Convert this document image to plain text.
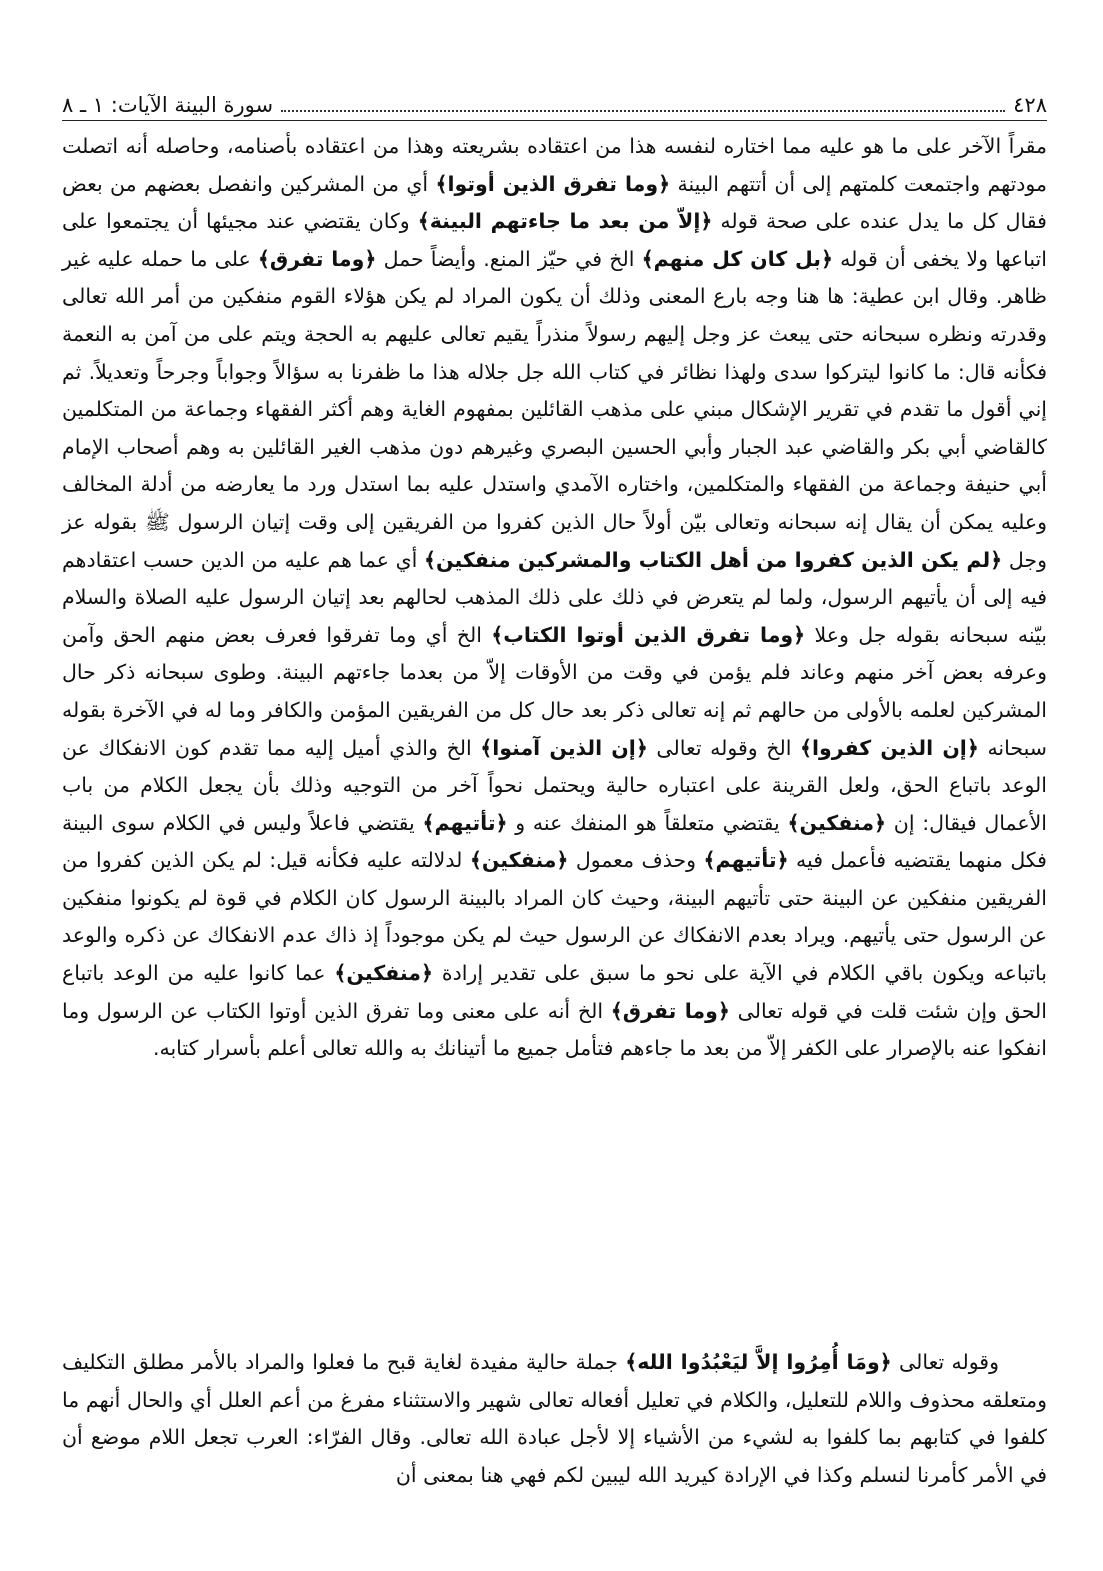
٤٢٨
سورة البينة الآيات: ١ ـ ٨

مقراً الآخر على ما هو عليه مما اختاره لنفسه هذا من اعتقاده بشريعته وهذا من اعتقاده بأصنامه، وحاصله أنه اتصلت مودتهم واجتمعت كلمتهم إلى أن أتتهم البينة ﴿وما تفرق الذين أوتوا﴾ أي من المشركين وانفصل بعضهم من بعض فقال كل ما يدل عنده على صحة قوله ﴿إلاّ من بعد ما جاءتهم البينة﴾ وكان يقتضي عند مجيئها أن يجتمعوا على اتباعها ولا يخفى أن قوله ﴿بل كان كل منهم﴾ الخ في حيّز المنع. وأيضاً حمل ﴿وما تفرق﴾ على ما حمله عليه غير ظاهر. وقال ابن عطية: ها هنا وجه بارع المعنى وذلك أن يكون المراد لم يكن هؤلاء القوم منفكين من أمر الله تعالى وقدرته ونظره سبحانه حتى يبعث عز وجل إليهم رسولاً منذراً يقيم تعالى عليهم به الحجة ويتم على من آمن به النعمة فكأنه قال: ما كانوا ليتركوا سدى ولهذا نظائر في كتاب الله جل جلاله هذا ما ظفرنا به سؤالاً وجواباً وجرحاً وتعديلاً. ثم إني أقول ما تقدم في تقرير الإشكال مبني على مذهب القائلين بمفهوم الغاية وهم أكثر الفقهاء وجماعة من المتكلمين كالقاضي أبي بكر والقاضي عبد الجبار وأبي الحسين البصري وغيرهم دون مذهب الغير القائلين به وهم أصحاب الإمام أبي حنيفة وجماعة من الفقهاء والمتكلمين، واختاره الآمدي واستدل عليه بما استدل ورد ما يعارضه من أدلة المخالف وعليه يمكن أن يقال إنه سبحانه وتعالى بيّن أولاً حال الذين كفروا من الفريقين إلى وقت إتيان الرسول ﷺ بقوله عز وجل ﴿لم يكن الذين كفروا من أهل الكتاب والمشركين منفكين﴾ أي عما هم عليه من الدين حسب اعتقادهم فيه إلى أن يأتيهم الرسول، ولما لم يتعرض في ذلك على ذلك المذهب لحالهم بعد إتيان الرسول عليه الصلاة والسلام بيّنه سبحانه بقوله جل وعلا ﴿وما تفرق الذين أوتوا الكتاب﴾ الخ أي وما تفرقوا فعرف بعض منهم الحق وآمن وعرفه بعض آخر منهم وعاند فلم يؤمن في وقت من الأوقات إلاّ من بعدما جاءتهم البينة. وطوى سبحانه ذكر حال المشركين لعلمه بالأولى من حالهم ثم إنه تعالى ذكر بعد حال كل من الفريقين المؤمن والكافر وما له في الآخرة بقوله سبحانه ﴿إن الذين كفروا﴾ الخ وقوله تعالى ﴿إن الذين آمنوا﴾ الخ والذي أميل إليه مما تقدم كون الانفكاك عن الوعد باتباع الحق، ولعل القرينة على اعتباره حالية ويحتمل نحواً آخر من التوجيه وذلك بأن يجعل الكلام من باب الأعمال فيقال: إن ﴿منفكين﴾ يقتضي متعلقاً هو المنفك عنه و ﴿تأتيهم﴾ يقتضي فاعلاً وليس في الكلام سوى البينة فكل منهما يقتضيه فأعمل فيه ﴿تأتيهم﴾ وحذف معمول ﴿منفكين﴾ لدلالته عليه فكأنه قيل: لم يكن الذين كفروا من الفريقين منفكين عن البينة حتى تأتيهم البينة، وحيث كان المراد بالبينة الرسول كان الكلام في قوة لم يكونوا منفكين عن الرسول حتى يأتيهم. ويراد بعدم الانفكاك عن الرسول حيث لم يكن موجوداً إذ ذاك عدم الانفكاك عن ذكره والوعد باتباعه ويكون باقي الكلام في الآية على نحو ما سبق على تقدير إرادة ﴿منفكين﴾ عما كانوا عليه من الوعد باتباع الحق وإن شئت قلت في قوله تعالى ﴿وما تفرق﴾ الخ أنه على معنى وما تفرق الذين أوتوا الكتاب عن الرسول وما انفكوا عنه بالإصرار على الكفر إلاّ من بعد ما جاءهم فتأمل جميع ما أتينانك به والله تعالى أعلم بأسرار كتابه.

وقوله تعالى ﴿ومَا أُمِرُوا إلاَّ ليَعْبُدُوا الله﴾ جملة حالية مفيدة لغاية قبح ما فعلوا والمراد بالأمر مطلق التكليف ومتعلقه محذوف واللام للتعليل، والكلام في تعليل أفعاله تعالى شهير والاستثناء مفرغ من أعم العلل أي والحال أنهم ما كلفوا في كتابهم بما كلفوا به لشيء من الأشياء إلا لأجل عبادة الله تعالى. وقال الفرّاء: العرب تجعل اللام موضع أن في الأمر كأمرنا لنسلم وكذا في الإرادة كيريد الله ليبين لكم فهي هنا بمعنى أن
